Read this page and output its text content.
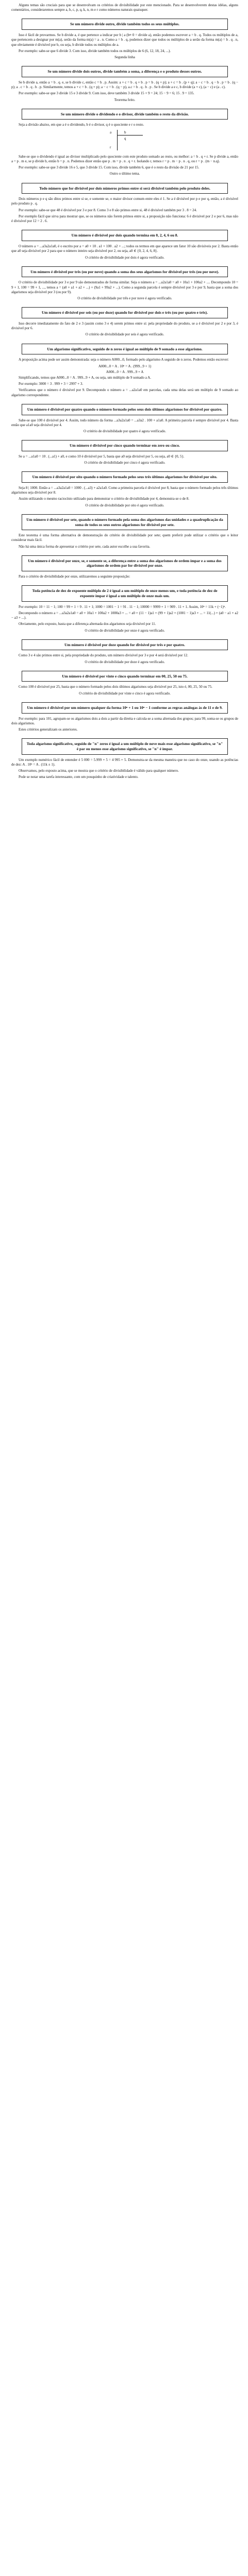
Alguns temas são cruciais para que se desenvolvam os critérios de divisibilidade por este mencionado. Para se desenvolverem destas idéias, alguns comentários, consideraremos sempre a, b, c, p, q, k, n, m e r como números naturais quaisquer.

Se um número divide outro, divide também todos os seus múltiplos.

Isso é fácil de provarmos. Se b divide a, é que pertence a indicar por b | a (b≡ 0 = divide a), então podemos escrever a = b . q. Todos os múltiplos de a, que pertencem a designar por m(a), serão da forma m(a) = a . n. Como a = b . q, podemos dizer que todos os múltiplos de a serão da forma m(a) = b . q . n, que obviamente é divisível por b, ou seja, b divide todos os múltiplos de a.

Por exemplo: sabe-se que 6 divide 3. Com isso, divide também todos os múltiplos de 6 (6, 12, 18, 24, ...).

Segunda linha

Se um número divide dois outros, divide também a soma, a diferença e o produto desses outros.

Se b divide a, então a = b . q. e, se b divide c, então c = b . p. Assim: a + c = b . q + b . p = b . (q + p); a + c = b . (p + q); a − c = b . q − b . p = b . (q − p); a . c = b . q . b . p. Similarmente, temos a + c = b . (q + p); a − c = b . (q − p), a.c = b . q . b . p . Se b divide a e c, b divide (a + c), (a − c) e (a . c).

Por exemplo: sabe-se que 3 divide 15 e 3 divide 9. Com isso, deve também 3 divide 15 + 9 = 24; 15 − 9 = 6; 15 . 9 = 135.

Teorema feito.

Se um número divide o dividendo e o divisor, divide também o resto da divisão.

Seja a divisão abaixo, em que a é o dividendo, b é o divisor, q é o quociente e r o resto.

a	b
r
q

Sabe-se que o dividendo é igual ao divisor multiplicado pelo quociente com este produto somado ao resto, ou melhor: a = b . q + r. Se p divide a, então a = p . m e, se p divide b, então b = p . n. Podemos dizer então que p . m = p . n . q + r. Isolando r, temos r = p . m − p . n . q, ou r = p . (m − n.q).

Por exemplo: sabe-se que 3 divide 16 e 5, que 3 divide 15. Com isso, divide também 6, que é o resto da divisão de 21 por 15.

Outro o último tema.

Todo número que for divisível por dois números primos entre si será divisível também pelo produto deles.

Dois números p e q são ditos primos entre si se, e somente se, o maior divisor comum entre eles é 1. Se a é divisível por p e por q, então, a é divisível pelo produto p . q.

Por exemplo: sabe-se que 48 é divisível por 3 e por 8. Como 3 e 8 são primos entre si, 48 é divisível também por 3 . 8 = 24.

Por exemplo fácil que sirva para mostrar que, se os números não forem primos entre si, a proposição não funciona: 6 é divisível por 2 e por 6, mas não é divisível por 12 = 2 . 6.

Um número é divisível por dois quando termina em 0, 2, 4, 6 ou 8.

O número a = ...a3a2a1a0, é o escrito por a = a0 + 10 . a1 + 100 . a2 + ...; todos os termos em que aparece um fator 10 são divisíveis por 2. Basta então que a0 seja divisível por 2 para que o número inteiro seja divisível por 2, ou seja, a0 ∈ {0, 2, 4, 6, 8}.

O critério de divisibilidade por dois é agora verificado.

Um número é divisível por três (ou por nove) quando a soma dos seus algarismos for divisível por três (ou por nove).

O critério de divisibilidade por 3 e por 9 são demonstrados de forma similar. Seja o número a = ...a2a1a0 = a0 + 10a1 + 100a2 + .... Decompondo 10 = 9 + 1, 100 = 99 + 1, ..., temos a = (a0 + a1 + a2 + ...) + (9a1 + 99a2 + ...). Como a segunda parcela é sempre divisível por 3 e por 9, basta que a soma dos algarismos seja divisível por 3 (ou por 9).

O critério de divisibilidade por três e por nove é agora verificado.

Um número é divisível por seis (ou por doze) quando for divisível por dois e três (ou por quatro e três).

Isso decorre imediatamente do fato de 2 e 3 (assim como 3 e 4) serem primos entre si: pela propriedade do produto, se a é divisível por 2 e por 3, é divisível por 6.

O critério de divisibilidade por seis é agora verificado.

Um algarismo significativo, seguido de n zeros é igual ao múltiplo de 9 somado a esse algarismo.

A proposição acima pode ser assim demonstrada: seja o número A000...0, formado pelo algarismo A seguido de n zeros. Podemos então escrever:

A000...0 = A . 10ⁿ = A . (999...9 + 1)

A000...0 = A . 999...9 + A

Simplificando, temos que A000...0 = A . 999...9 + A, ou seja, um múltiplo de 9 somado a A.

Por exemplo: 3000 = 3 . 999 + 3 = 2997 + 3.

Verificamos que o número é divisível por 9. Decompondo o número a = ...a2a1a0 em parcelas, cada uma delas será um múltiplo de 9 somado ao algarismo correspondente.

Um número é divisível por quatro quando o número formado pelos seus dois últimos algarismos for divisível por quatro.

Sabe-se que 100 é divisível por 4. Assim, todo número da forma ...a3a2a1a0 = ...a3a2 . 100 + a1a0. A primeira parcela é sempre divisível por 4. Basta então que a1a0 seja divisível por 4.

O critério de divisibilidade por quatro é agora verificado.

Um número é divisível por cinco quando terminar em zero ou cinco.

Se a = ...a1a0 = 10 . (...a1) + a0, e como 10 é divisível por 5, basta que a0 seja divisível por 5, ou seja, a0 ∈ {0, 5}.

O critério de divisibilidade por cinco é agora verificado.

Um número é divisível por oito quando o número formado pelos seus três últimos algarismos for divisível por oito.

Seja 8 | 1000. Então a = ...a3a2a1a0 = 1000 . (...a3) + a2a1a0. Como a primeira parcela é divisível por 8, basta que o número formado pelos três últimos algarismos seja divisível por 8.

Assim utilizando o mesmo raciocínio utilizado para demonstrar o critério de divisibilidade por 4, demonstra-se o de 8.

O critério de divisibilidade por oito é agora verificado.

Um número é divisível por sete, quando o número formado pela soma dos algarismos das unidades e a quadruplicação da soma de todos os seus outros algarismos for divisível por sete.

Este teorema é uma forma alternativa de demonstração do critério de divisibilidade por sete; quem preferir pode utilizar o critério que o leitor considerar mais fácil.

Não há uma única forma de apresentar o critério por sete, cada autor escolhe a sua favorita.

Um número é divisível por onze, se, e somente se, a diferença entre a soma dos algarismos de ordem ímpar e a soma dos algarismos de ordem par for divisível por onze.

Para o critério de divisibilidade por onze, utilizaremos a seguinte proposição:

Toda potência de dez de expoente múltiplo de 2 é igual a um múltiplo de onze menos um, e toda potência de dez de expoente ímpar é igual a um múltiplo de onze mais um.

Por exemplo: 10 = 11 − 1; 100 = 99 + 1 = 9 . 11 + 1; 1000 = 1001 − 1 = 91 . 11 − 1; 10000 = 9999 + 1 = 909 . 11 + 1. Assim, 10ⁿ = 11k + (−1)ⁿ.

Decompondo o número a = ...a3a2a1a0 = a0 + 10a1 + 100a2 + 1000a3 + ... = a0 + (11 − 1)a1 + (99 + 1)a2 + (1001 − 1)a3 + ... = 11(...) + (a0 − a1 + a2 − a3 + ...).

Obviamente, pelo exposto, basta que a diferença alternada dos algarismos seja divisível por 11.

O critério de divisibilidade por onze é agora verificado.

Um número é divisível por doze quando for divisível por três e por quatro.

Como 3 e 4 são primos entre si, pela propriedade do produto, um número divisível por 3 e por 4 será divisível por 12.

O critério de divisibilidade por doze é agora verificado.

Um número é divisível por vinte e cinco quando terminar em 00, 25, 50 ou 75.

Como 100 é divisível por 25, basta que o número formado pelos dois últimos algarismos seja divisível por 25, isto é, 00, 25, 50 ou 75.

O critério de divisibilidade por vinte e cinco é agora verificado.

Um número é divisível por um número qualquer da forma 10ⁿ + 1 ou 10ⁿ − 1 conforme as regras análogas às de 11 e de 9.

Por exemplo: para 101, agrupam-se os algarismos dois a dois a partir da direita e calcula-se a soma alternada dos grupos; para 99, soma-se os grupos de dois algarismos.

Estes critérios generalizam os anteriores.

Toda algarismo significativo, seguido de "n" zeros é igual a um múltiplo de nove mais esse algarismo significativo, se "n" é par ou menos esse algarismo significativo, se "n" é ímpar.

Um exemplo numérico fácil de entender é 5 000 = 5.999 + 5 = 4 995 + 5. Demonstra-se da mesma maneira que no caso do onze, usando as potências de dez: A . 10ⁿ = A . (11k ± 1).

Observamos, pelo exposto acima, que se mostra que o critério de divisibilidade é válido para qualquer número.

Pode se notar uma tarefa interessante, com um pouquinho de criatividade e talento.
